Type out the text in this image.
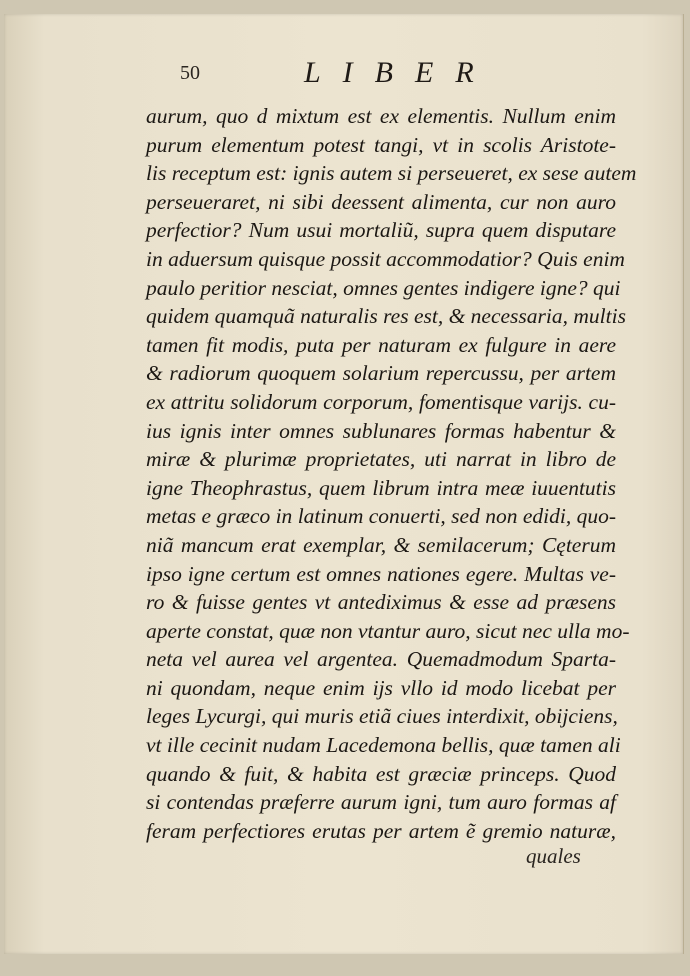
50	LIBER
aurum, quo d mixtum est ex elementis. Nullum enim
purum elementum potest tangi, vt in scolis Aristote-
lis receptum est: ignis autem si perseueret, ex sese autem
perseueraret, ni sibi deessent alimenta, cur non auro
perfectior? Num usui mortaliũ, supra quem disputare
in aduersum quisque possit accommodatior? Quis enim
paulo peritior nesciat, omnes gentes indigere igne? qui
quidem quamquã naturalis res est, & necessaria, multis
tamen fit modis, puta per naturam ex fulgure in aere
& radiorum quoquem solarium repercussu, per artem
ex attritu solidorum corporum, fomentisque varijs. cu-
ius ignis inter omnes sublunares formas habentur &
miræ & plurimæ proprietates, uti narrat in libro de
igne Theophrastus, quem librum intra meæ iuuentutis
metas e græco in latinum conuerti, sed non edidi, quo-
niã mancum erat exemplar, & semilacerum; Cęterum
ipso igne certum est omnes nationes egere. Multas ve-
ro & fuisse gentes vt antediximus & esse ad præsens
aperte constat, quæ non vtantur auro, sicut nec ulla mo-
neta vel aurea vel argentea. Quemadmodum Sparta-
ni quondam, neque enim ijs vllo id modo licebat per
leges Lycurgi, qui muris etiã ciues interdixit, obijciens,
vt ille cecinit nudam Lacedemona bellis, quæ tamen ali
quando & fuit, & habita est græciæ princeps. Quod
si contendas præferre aurum igni, tum auro formas af
feram perfectiores erutas per artem ẽ gremio naturæ,
quales
